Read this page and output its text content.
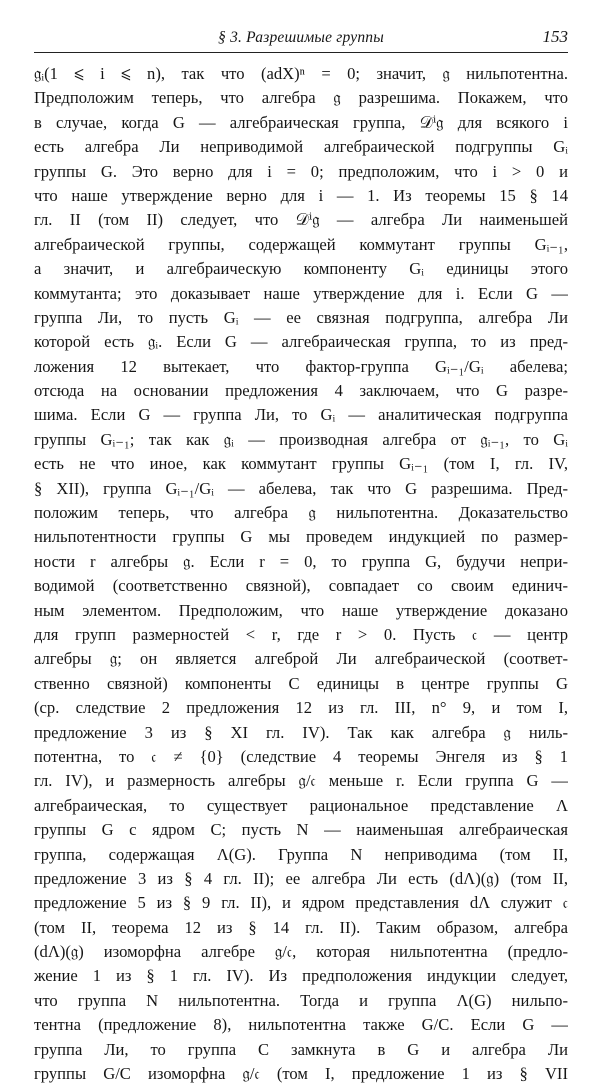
§ 3. Разрешимые группы	153
𝔤ᵢ(1 ⩽ i ⩽ n), так что (adX)ⁿ = 0; значит, 𝔤 нильпотентна.
Предположим теперь, что алгебра 𝔤 разрешима. Покажем, что
в случае, когда G — алгебраическая группа, 𝒟ⁱ𝔤 для всякого i
есть алгебра Ли неприводимой алгебраической подгруппы Gᵢ
группы G. Это верно для i = 0; предположим, что i > 0 и
что наше утверждение верно для i — 1. Из теоремы 15 § 14
гл. II (том II) следует, что 𝒟ⁱ𝔤 — алгебра Ли наименьшей
алгебраической группы, содержащей коммутант группы Gᵢ₋₁,
а значит, и алгебраическую компоненту Gᵢ единицы этого
коммутанта; это доказывает наше утверждение для i. Если G —
группа Ли, то пусть Gᵢ — ее связная подгруппа, алгебра Ли
которой есть 𝔤ᵢ. Если G — алгебраическая группа, то из пред-
ложения 12 вытекает, что фактор-группа Gᵢ₋₁/Gᵢ абелева;
отсюда на основании предложения 4 заключаем, что G разре-
шима. Если G — группа Ли, то Gᵢ — аналитическая подгруппа
группы Gᵢ₋₁; так как 𝔤ᵢ — производная алгебра от 𝔤ᵢ₋₁, то Gᵢ
есть не что иное, как коммутант группы Gᵢ₋₁ (том I, гл. IV,
§ XII), группа Gᵢ₋₁/Gᵢ — абелева, так что G разрешима. Пред-
положим теперь, что алгебра 𝔤 нильпотентна. Доказательство
нильпотентности группы G мы проведем индукцией по размер-
ности r алгебры 𝔤. Если r = 0, то группа G, будучи непри-
водимой (соответственно связной), совпадает со своим единич-
ным элементом. Предположим, что наше утверждение доказано
для групп размерностей < r, где r > 0. Пусть 𝔠 — центр
алгебры 𝔤; он является алгеброй Ли алгебраической (соответ-
ственно связной) компоненты C единицы в центре группы G
(ср. следствие 2 предложения 12 из гл. III, n° 9, и том I,
предложение 3 из § XI гл. IV). Так как алгебра 𝔤 ниль-
потентна, то 𝔠 ≠ {0} (следствие 4 теоремы Энгеля из § 1
гл. IV), и размерность алгебры 𝔤/𝔠 меньше r. Если группа G —
алгебраическая, то существует рациональное представление Λ
группы G с ядром C; пусть N — наименьшая алгебраическая
группа, содержащая Λ(G). Группа N неприводима (том II,
предложение 3 из § 4 гл. II); ее алгебра Ли есть (dΛ)(𝔤) (том II,
предложение 5 из § 9 гл. II), и ядром представления dΛ служит 𝔠
(том II, теорема 12 из § 14 гл. II). Таким образом, алгебра
(dΛ)(𝔤) изоморфна алгебре 𝔤/𝔠, которая нильпотентна (предло-
жение 1 из § 1 гл. IV). Из предположения индукции следует,
что группа N нильпотентна. Тогда и группа Λ(G) нильпо-
тентна (предложение 8), нильпотентна также G/C. Если G —
группа Ли, то группа C замкнута в G и алгебра Ли
группы G/C изоморфна 𝔤/𝔠 (том I, предложение 1 из § VII
